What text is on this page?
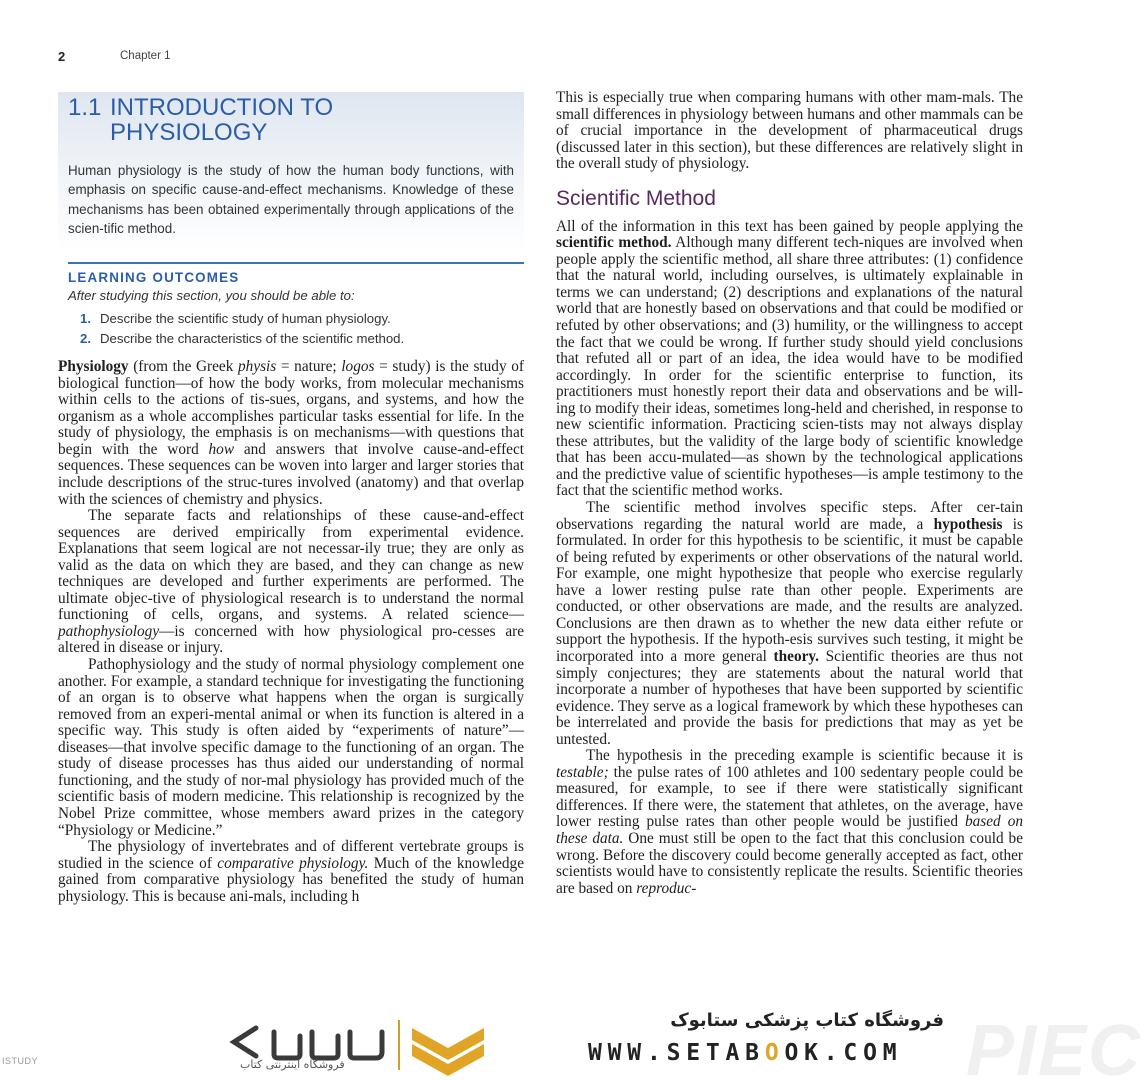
2	Chapter 1
1.1 INTRODUCTION TO
PHYSIOLOGY

Human physiology is the study of how the human body functions, with emphasis on specific cause-and-effect mechanisms. Knowledge of these mechanisms has been obtained experimentally through applications of the scien-tific method.

LEARNING OUTCOMES
After studying this section, you should be able to:
1. Describe the scientific study of human physiology.
2. Describe the characteristics of the scientific method.

Physiology (from the Greek physis = nature; logos = study) is the study of biological function—of how the body works, from molecular mechanisms within cells to the actions of tis-sues, organs, and systems, and how the organism as a whole accomplishes particular tasks essential for life. In the study of physiology, the emphasis is on mechanisms—with questions that begin with the word how and answers that involve cause-and-effect sequences. These sequences can be woven into larger and larger stories that include descriptions of the struc-tures involved (anatomy) and that overlap with the sciences of chemistry and physics.

The separate facts and relationships of these cause-and-effect sequences are derived empirically from experimental evidence. Explanations that seem logical are not necessar-ily true; they are only as valid as the data on which they are based, and they can change as new techniques are developed and further experiments are performed. The ultimate objec-tive of physiological research is to understand the normal functioning of cells, organs, and systems. A related science—pathophysiology—is concerned with how physiological pro-cesses are altered in disease or injury.

Pathophysiology and the study of normal physiology complement one another. For example, a standard technique for investigating the functioning of an organ is to observe what happens when the organ is surgically removed from an experi-mental animal or when its function is altered in a specific way. This study is often aided by “experiments of nature”—diseases—that involve specific damage to the functioning of an organ. The study of disease processes has thus aided our understanding of normal functioning, and the study of nor-mal physiology has provided much of the scientific basis of modern medicine. This relationship is recognized by the Nobel Prize committee, whose members award prizes in the category “Physiology or Medicine.”

The physiology of invertebrates and of different vertebrate groups is studied in the science of comparative physiology. Much of the knowledge gained from comparative physiology has benefited the study of human physiology. This is because ani-mals, including h

This is especially true when comparing humans with other mam-mals. The small differences in physiology between humans and other mammals can be of crucial importance in the development of pharmaceutical drugs (discussed later in this section), but these differences are relatively slight in the overall study of physiology.

Scientific Method

All of the information in this text has been gained by people applying the scientific method. Although many different tech-niques are involved when people apply the scientific method, all share three attributes: (1) confidence that the natural world, including ourselves, is ultimately explainable in terms we can understand; (2) descriptions and explanations of the natural world that are honestly based on observations and that could be modified or refuted by other observations; and (3) humility, or the willingness to accept the fact that we could be wrong. If further study should yield conclusions that refuted all or part of an idea, the idea would have to be modified accordingly. In order for the scientific enterprise to function, its practitioners must honestly report their data and observations and be will-ing to modify their ideas, sometimes long-held and cherished, in response to new scientific information. Practicing scien-tists may not always display these attributes, but the validity of the large body of scientific knowledge that has been accu-mulated—as shown by the technological applications and the predictive value of scientific hypotheses—is ample testimony to the fact that the scientific method works.

The scientific method involves specific steps. After cer-tain observations regarding the natural world are made, a hypothesis is formulated. In order for this hypothesis to be scientific, it must be capable of being refuted by experiments or other observations of the natural world. For example, one might hypothesize that people who exercise regularly have a lower resting pulse rate than other people. Experiments are conducted, or other observations are made, and the results are analyzed. Conclusions are then drawn as to whether the new data either refute or support the hypothesis. If the hypoth-esis survives such testing, it might be incorporated into a more general theory. Scientific theories are thus not simply conjectures; they are statements about the natural world that incorporate a number of hypotheses that have been supported by scientific evidence. They serve as a logical framework by which these hypotheses can be interrelated and provide the basis for predictions that may as yet be untested.

The hypothesis in the preceding example is scientific because it is testable; the pulse rates of 100 athletes and 100 sedentary people could be measured, for example, to see if there were statistically significant differences. If there were, the statement that athletes, on the average, have lower resting pulse rates than other people would be justified based on these data. One must still be open to the fact that this conclusion could be wrong. Before the discovery could become generally accepted as fact, other scientists would have to consistently replicate the results. Scientific theories are based on reproduc-

ISTUDY	فروشگاه اینترنتی کتاب
فروشگاه کتاب پزشکی ستابوک
WWW.SETABOOK.COM PIEC
